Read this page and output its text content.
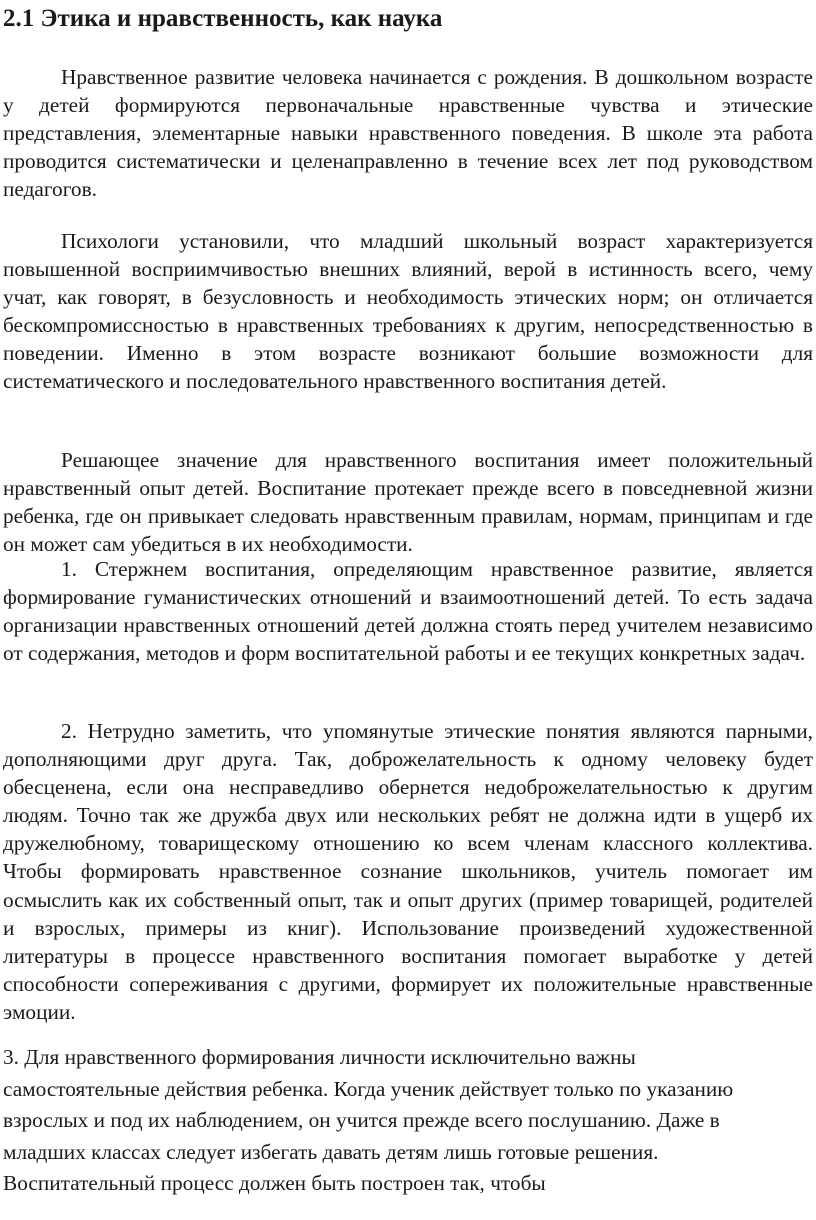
2.1 Этика и нравственность, как наука

Нравственное развитие человека начинается с рождения. В дошкольном возрасте у детей формируются первоначальные нравственные чувства и этические представления, элементарные навыки нравственного поведения. В школе эта работа проводится систематически и целенаправленно в течение всех лет под руководством педагогов.

Психологи установили, что младший школьный возраст характеризуется повышенной восприимчивостью внешних влияний, верой в истинность всего, чему учат, как говорят, в безусловность и необходимость этических норм; он отличается бескомпромиссностью в нравственных требованиях к другим, непосредственностью в поведении. Именно в этом возрасте возникают большие возможности для систематического и последовательного нравственного воспитания детей.

Решающее значение для нравственного воспитания имеет положительный нравственный опыт детей. Воспитание протекает прежде всего в повседневной жизни ребенка, где он привыкает следовать нравственным правилам, нормам, принципам и где он может сам убедиться в их необходимости.

1. Стержнем воспитания, определяющим нравственное развитие, является формирование гуманистических отношений и взаимоотношений детей. То есть задача организации нравственных отношений детей должна стоять перед учителем независимо от содержания, методов и форм воспитательной работы и ее текущих конкретных задач.

2. Нетрудно заметить, что упомянутые этические понятия являются парными, дополняющими друг друга. Так, доброжелательность к одному человеку будет обесценена, если она несправедливо обернется недоброжелательностью к другим людям. Точно так же дружба двух или нескольких ребят не должна идти в ущерб их дружелюбному, товарищескому отношению ко всем членам классного коллектива. Чтобы формировать нравственное сознание школьников, учитель помогает им осмыслить как их собственный опыт, так и опыт других (пример товарищей, родителей и взрослых, примеры из книг). Использование произведений художественной литературы в процессе нравственного воспитания помогает выработке у детей способности сопереживания с другими, формирует их положительные нравственные эмоции.

3. Для нравственного формирования личности исключительно важны самостоятельные действия ребенка. Когда ученик действует только по указанию взрослых и под их наблюдением, он учится прежде всего послушанию. Даже в младших классах следует избегать давать детям лишь готовые решения. Воспитательный процесс должен быть построен так, чтобы
